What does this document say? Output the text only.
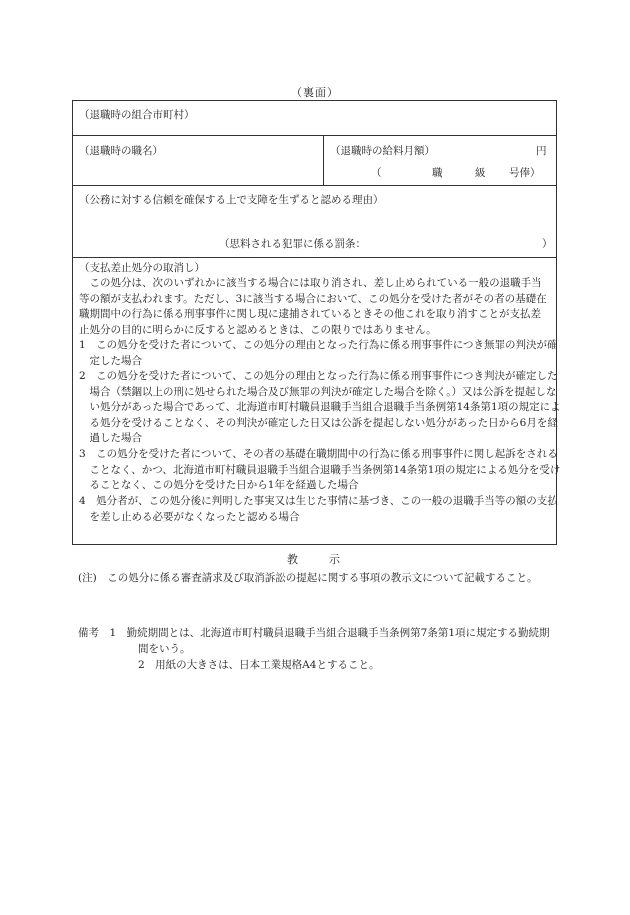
（裏面）
（退職時の組合市町村）
（退職時の職名）	（退職時の給料月額）	円
（	職	級 号俸）
（公務に対する信頼を確保する上で支障を生ずると認める理由）
（思料される犯罪に係る罰条：	）
（支払差止処分の取消し）
この処分は、次のいずれかに該当する場合には取り消され、差し止められている一般の退職手当等の額が支払われます。ただし、3に該当する場合において、この処分を受けた者がその者の基礎在職期間中の行為に係る刑事事件に関し現に逮捕されているときその他これを取り消すことが支払差止処分の目的に明らかに反すると認めるときは、この限りではありません。
1　この処分を受けた者について、この処分の理由となった行為に係る刑事事件につき無罪の判決が確定した場合
2　この処分を受けた者について、この処分の理由となった行為に係る刑事事件につき判決が確定した場合（禁錮以上の刑に処せられた場合及び無罪の判決が確定した場合を除く。）又は公訴を提起しない処分があった場合であって、北海道市町村職員退職手当組合退職手当条例第14条第1項の規定による処分を受けることなく、その判決が確定した日又は公訴を提起しない処分があった日から6月を経過した場合
3　この処分を受けた者について、その者の基礎在職期間中の行為に係る刑事事件に関し起訴をされることなく、かつ、北海道市町村職員退職手当組合退職手当条例第14条第1項の規定による処分を受けることなく、この処分を受けた日から1年を経過した場合
4　処分者が、この処分後に判明した事実又は生じた事情に基づき、この一般の退職手当等の額の支払を差し止める必要がなくなったと認める場合
教　　示
(注)　この処分に係る審査請求及び取消訴訟の提起に関する事項の教示文について記載すること。
備考　1　勤続期間とは、北海道市町村職員退職手当組合退職手当条例第7条第1項に規定する勤続期間をいう。
2　用紙の大きさは、日本工業規格A4とすること。
